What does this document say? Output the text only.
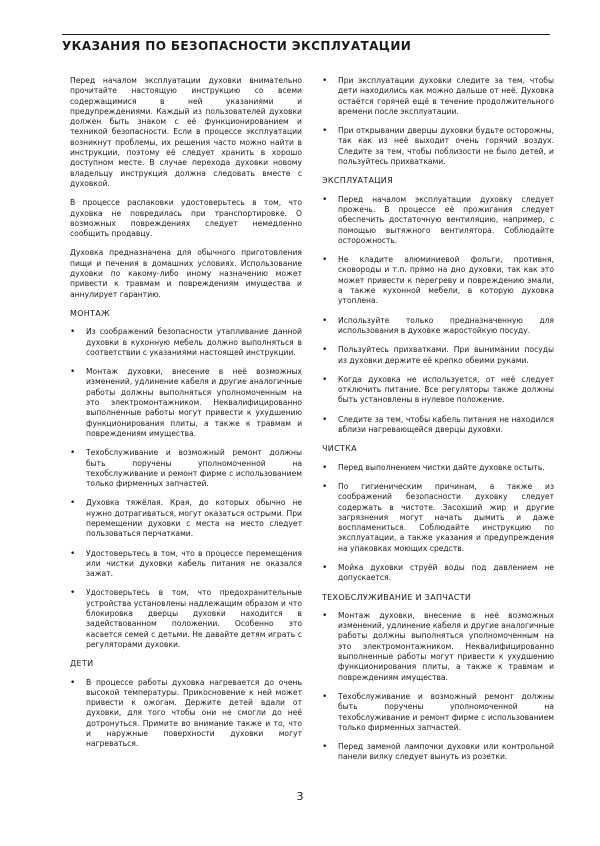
УКАЗАНИЯ ПО БЕЗОПАСНОСТИ ЭКСПЛУАТАЦИИ

Перед началом эксплуатации духовки внимательно прочитайте настоящую инструкцию со всеми содержащимися в ней указаниями и предупреждениями. Каждый из пользователей духовки должен быть знаком с её функционированием и техникой безопасности. Если в процессе эксплуатации возникнут проблемы, их решения часто можно найти в инструкции, поэтому её следует хранить в хорошо доступном месте. В случае перехода духовки новому владельцу инструкция должна следовать вместе с духовкой.

В процессе распаковки удостоверьтесь в том, что духовка не повредилась при транспортировке. О возможных повреждениях следует немедленно сообщить продавцу.

Духовка предназначена для обычного приготовления пищи и печения в домашних условиях. Использование духовки по какому-либо иному назначению может привести к травмам и повреждениям имущества и аннулирует гарантию.

МОНТАЖ
• Из соображений безопасности утапливание данной духовки в кухонную мебель должно выполняться в соответствии с указаниями настоящей инструкции.
• Монтаж духовки, внесение в неё возможных изменений, удлинение кабеля и другие аналогичные работы должны выполняться уполномоченным на это электромонтажником. Неквалифицированно выполненные работы могут привести к ухудшению функционирования плиты, а также к травмам и повреждениям имущества.
• Техобслуживание и возможный ремонт должны быть поручены уполномоченной на техобслуживание и ремонт фирме с использованием только фирменных запчастей.
• Духовка тяжёлая. Края, до которых обычно не нужно дотрагиваться, могут оказаться острыми. При перемещении духовки с места на место следует пользоваться перчатками.
• Удостоверьтесь в том, что в процессе перемещения или чистки духовки кабель питания не оказался зажат.
• Удостоверьтесь в том, что предохранительные устройства установлены надлежащим образом и что блокировка дверцы духовки находится в задействованном положении. Особенно это касается семей с детьми. Не давайте детям играть с регуляторами духовки.
ДЕТИ
• В процессе работы духовка нагревается до очень высокой температуры. Прикосновение к ней может привести к ожогам. Держите детей вдали от духовки, для того чтобы они не смогли до неё дотронуться. Примите во внимание также и то, что и наружные поверхности духовки могут нагреваться.
• При эксплуатации духовки следите за тем, чтобы дети находились как можно дальше от неё. Духовка остаётся горячей ещё в течение продолжительного времени после эксплуатации.
• При открывании дверцы духовки будьте осторожны, так как из неё выходит очень горячий воздух. Следите за тем, чтобы поблизости не было детей, и пользуйтесь прихватками.
ЭКСПЛУАТАЦИЯ
• Перед началом эксплуатации духовку следует прожечь. В процессе её прожигания следует обеспечить достаточную вентиляцию, например, с помощью вытяжного вентилятора. Соблюдайте осторожность.
• Не кладите алюминиевой фольги, противня, сковороды и т.п. прямо на дно духовки, так как это может привести к перегреву и повреждению эмали, а также кухонной мебели, в которую духовка утоплена.
• Используйте только предназначенную для использования в духовке жаростойкую посуду.
• Пользуйтесь прихватками. При вынимании посуды из духовки держите её крепко обеими руками.
• Когда духовка не используется, от неё следует отключить питание. Все регуляторы также должны быть установлены в нулевое положение.
• Следите за тем, чтобы кабель питания не находился вблизи нагревающейся дверцы духовки.
ЧИСТКА
• Перед выполнением чистки дайте духовке остыть.
• По гигиеническим причинам, а также из соображений безопасности духовку следует содержать в чистоте. Засохший жир и другие загрязнения могут начать дымить и даже воспламениться. Соблюдайте инструкцию по эксплуатации, а также указания и предупреждения на упаковках моющих средств.
• Мойка духовки струёй воды под давлением не допускается.
ТЕХОБСЛУЖИВАНИЕ И ЗАПЧАСТИ
• Монтаж духовки, внесение в неё возможных изменений, удлинение кабеля и другие аналогичные работы должны выполняться уполномоченным на это электромонтажником. Неквалифицированно выполненные работы могут привести к ухудшению функционирования плиты, а также к травмам и повреждениям имущества.
• Техобслуживание и возможный ремонт должны быть поручены уполномоченной на техобслуживание и ремонт фирме с использованием только фирменных запчастей.
• Перед заменой лампочки духовки или контрольной панели вилку следует вынуть из розетки.
3
